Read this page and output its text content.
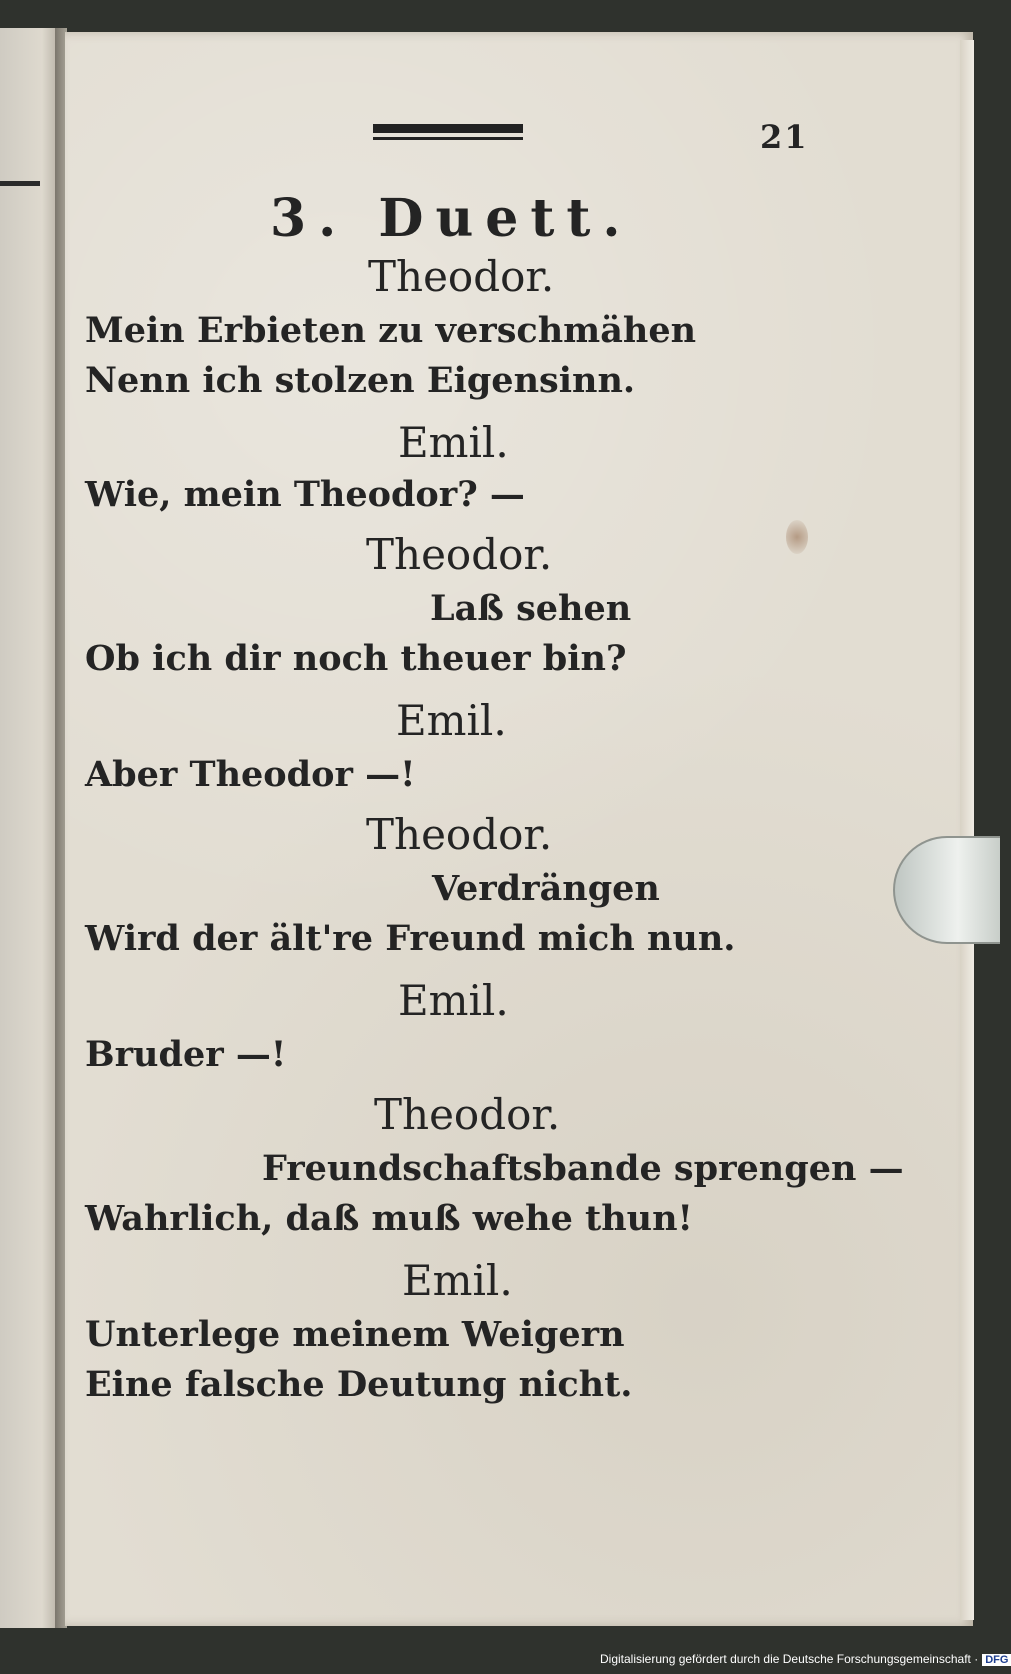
21
3. Duett.
Theodor.
Mein Erbieten zu verschmähen
Nenn ich stolzen Eigensinn.
Emil.
Wie, mein Theodor? —
Theodor.
Laß sehen
Ob ich dir noch theuer bin?
Emil.
Aber Theodor —!
Theodor.
Verdrängen
Wird der ält're Freund mich nun.
Emil.
Bruder —!
Theodor.
Freundschaftsbande sprengen —
Wahrlich, daß muß wehe thun!
Emil.
Unterlege meinem Weigern
Eine falsche Deutung nicht.
Digitalisierung gefördert durch die Deutsche Forschungsgemeinschaft · DFG
